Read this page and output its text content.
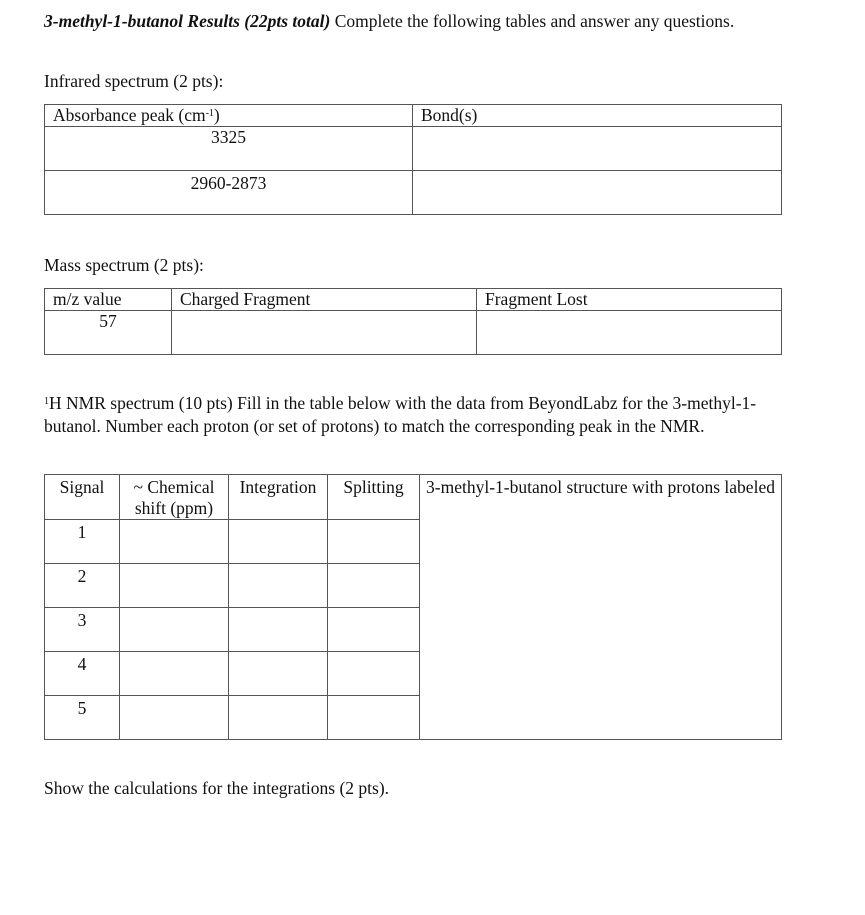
3-methyl-1-butanol Results (22pts total) Complete the following tables and answer any questions.

Infrared spectrum (2 pts):

Absorbance peak $(cm^{-1})$	Bond(s)
3325	
2960-2873	

Mass spectrum (2 pts):

m/z value	Charged Fragment	Fragment Lost
57		

$^1$H NMR spectrum (10 pts) Fill in the table below with the data from BeyondLabz for the 3-methyl-1-butanol. Number each proton (or set of protons) to match the corresponding peak in the NMR.

Signal	~ Chemical shift (ppm)	Integration	Splitting	3-methyl-1-butanol structure with protons labeled
1				
2				
3				
4				
5				

Show the calculations for the integrations (2 pts).
